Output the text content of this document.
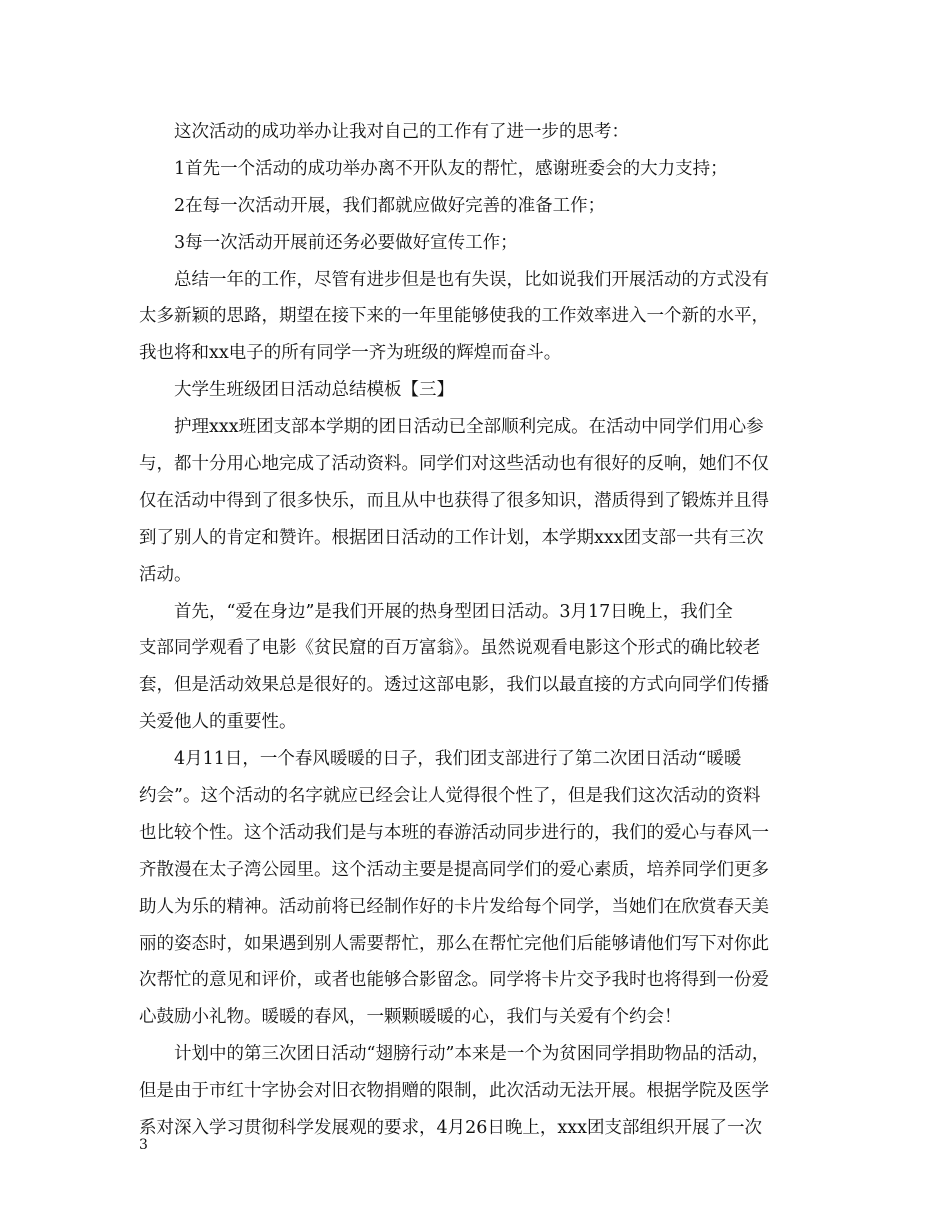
这次活动的成功举办让我对自己的工作有了进一步的思考：
1首先一个活动的成功举办离不开队友的帮忙，感谢班委会的大力支持；
2在每一次活动开展，我们都就应做好完善的准备工作；
3每一次活动开展前还务必要做好宣传工作；
总结一年的工作，尽管有进步但是也有失误，比如说我们开展活动的方式没有
太多新颖的思路，期望在接下来的一年里能够使我的工作效率进入一个新的水平，
我也将和xx电子的所有同学一齐为班级的辉煌而奋斗。
大学生班级团日活动总结模板【三】
护理xxx班团支部本学期的团日活动已全部顺利完成。在活动中同学们用心参
与，都十分用心地完成了活动资料。同学们对这些活动也有很好的反响，她们不仅
仅在活动中得到了很多快乐，而且从中也获得了很多知识，潜质得到了锻炼并且得
到了别人的肯定和赞许。根据团日活动的工作计划，本学期xxx团支部一共有三次
活动。
首先，“爱在身边”是我们开展的热身型团日活动。3月17日晚上，我们全
支部同学观看了电影《贫民窟的百万富翁》。虽然说观看电影这个形式的确比较老
套，但是活动效果总是很好的。透过这部电影，我们以最直接的方式向同学们传播
关爱他人的重要性。
4月11日，一个春风暖暖的日子，我们团支部进行了第二次团日活动“暖暖
约会”。这个活动的名字就应已经会让人觉得很个性了，但是我们这次活动的资料
也比较个性。这个活动我们是与本班的春游活动同步进行的，我们的爱心与春风一
齐散漫在太子湾公园里。这个活动主要是提高同学们的爱心素质，培养同学们更多
助人为乐的精神。活动前将已经制作好的卡片发给每个同学，当她们在欣赏春天美
丽的姿态时，如果遇到别人需要帮忙，那么在帮忙完他们后能够请他们写下对你此
次帮忙的意见和评价，或者也能够合影留念。同学将卡片交予我时也将得到一份爱
心鼓励小礼物。暖暖的春风，一颗颗暖暖的心，我们与关爱有个约会！
计划中的第三次团日活动“翅膀行动”本来是一个为贫困同学捐助物品的活动，
但是由于市红十字协会对旧衣物捐赠的限制，此次活动无法开展。根据学院及医学
系对深入学习贯彻科学发展观的要求，4月26日晚上，xxx团支部组织开展了一次
3
